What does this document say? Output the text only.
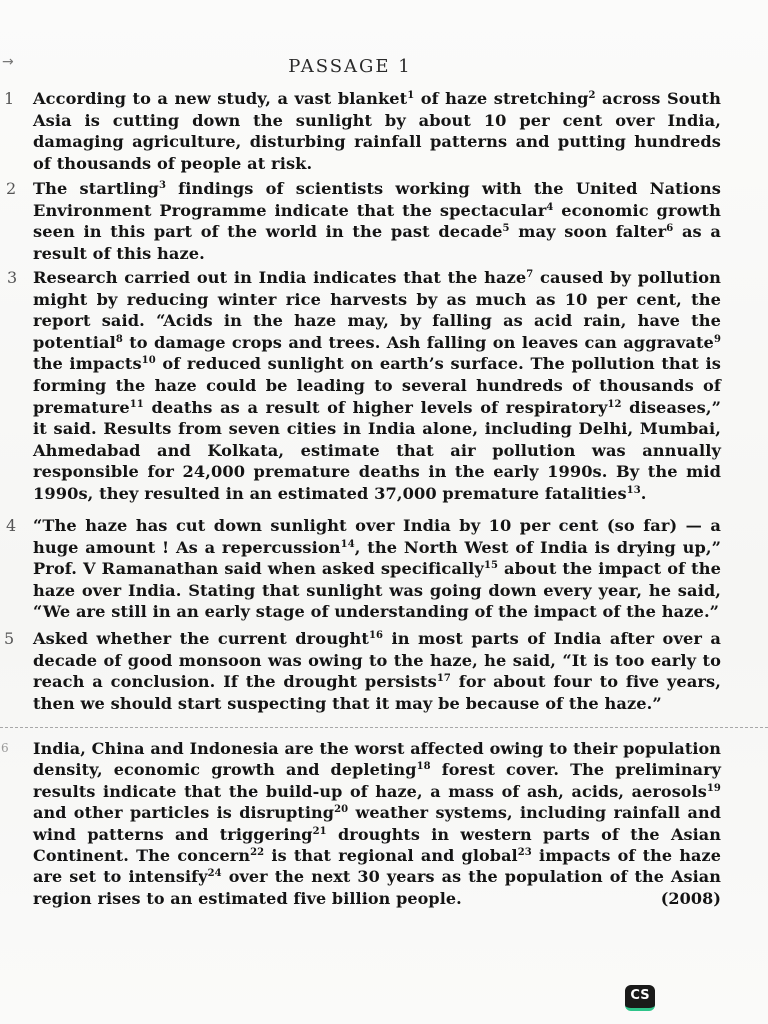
→	PASSAGE 1
1 According to a new study, a vast blanket$^1$ of haze stretching$^2$ across South Asia is cutting down the sunlight by about 10 per cent over India, damaging agriculture, disturbing rainfall patterns and putting hundreds of thousands of people at risk.
2 The startling$^3$ findings of scientists working with the United Nations Environment Programme indicate that the spectacular$^4$ economic growth seen in this part of the world in the past decade$^5$ may soon falter$^6$ as a result of this haze.
3 Research carried out in India indicates that the haze$^7$ caused by pollution might by reducing winter rice harvests by as much as 10 per cent, the report said. “Acids in the haze may, by falling as acid rain, have the potential$^8$ to damage crops and trees. Ash falling on leaves can aggravate$^9$ the impacts$^{10}$ of reduced sunlight on earth’s surface. The pollution that is forming the haze could be leading to several hundreds of thousands of premature$^{11}$ deaths as a result of higher levels of respiratory$^{12}$ diseases,” it said. Results from seven cities in India alone, including Delhi, Mumbai, Ahmedabad and Kolkata, estimate that air pollution was annually responsible for 24,000 premature deaths in the early 1990s. By the mid 1990s, they resulted in an estimated 37,000 premature fatalities$^{13}$.
4 “The haze has cut down sunlight over India by 10 per cent (so far) — a huge amount ! As a repercussion$^{14}$, the North West of India is drying up,” Prof. V Ramanathan said when asked specifically$^{15}$ about the impact of the haze over India. Stating that sunlight was going down every year, he said, “We are still in an early stage of understanding of the impact of the haze.”
5 Asked whether the current drought$^{16}$ in most parts of India after over a decade of good monsoon was owing to the haze, he said, “It is too early to reach a conclusion. If the drought persists$^{17}$ for about four to five years, then we should start suspecting that it may be because of the haze.”
6 India, China and Indonesia are the worst affected owing to their population density, economic growth and depleting$^{18}$ forest cover. The preliminary results indicate that the build-up of haze, a mass of ash, acids, aerosols$^{19}$ and other particles is disrupting$^{20}$ weather systems, including rainfall and wind patterns and triggering$^{21}$ droughts in western parts of the Asian Continent. The concern$^{22}$ is that regional and global$^{23}$ impacts of the haze are set to intensify$^{24}$ over the next 30 years as the population of the Asian region rises to an estimated five billion people.	(2008)
CS
